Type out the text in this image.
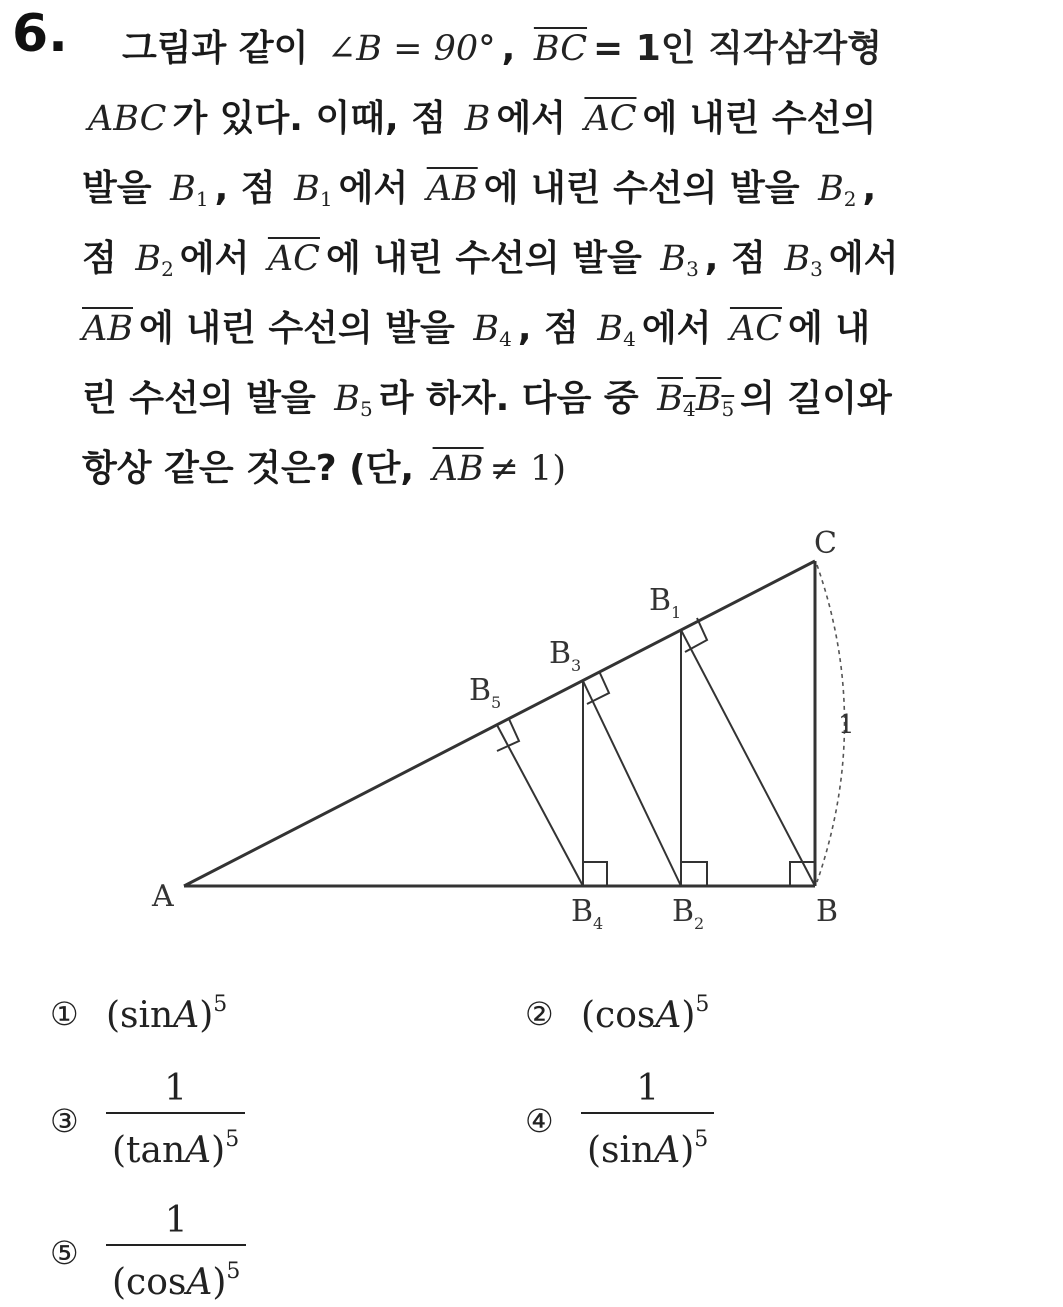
6.	그림과 같이 ∠B = 90° , $\overline{BC} = 1$인 직각삼각형
ABC 가 있다. 이때, 점 B 에서 $\overline{AC}$ 에 내린 수선의
발을 $B_1$ , 점 $B_1$ 에서 $\overline{AB}$ 에 내린 수선의 발을 $B_2$ ,
점 $B_2$ 에서 $\overline{AC}$ 에 내린 수선의 발을 $B_3$ , 점 $B_3$ 에서
$\overline{AB}$ 에 내린 수선의 발을 $B_4$ , 점 $B_4$ 에서 $\overline{AC}$ 에 내
린 수선의 발을 $B_5$ 라 하자. 다음 중 $B_4B_5$ 의 길이와
항상 같은 것은? (단, $\overline{AB} \ne 1$)
A	B
C
1
$B_1$
$B_2$
$B_3$
$B_4$
$B_5$
① $(\sin A)^5$	② $(\cos A)^5$
③ $\frac{1}{(\tan A)^5}$	④ $\frac{1}{(\sin A)^5}$
⑤ $\frac{1}{(\cos A)^5}$
